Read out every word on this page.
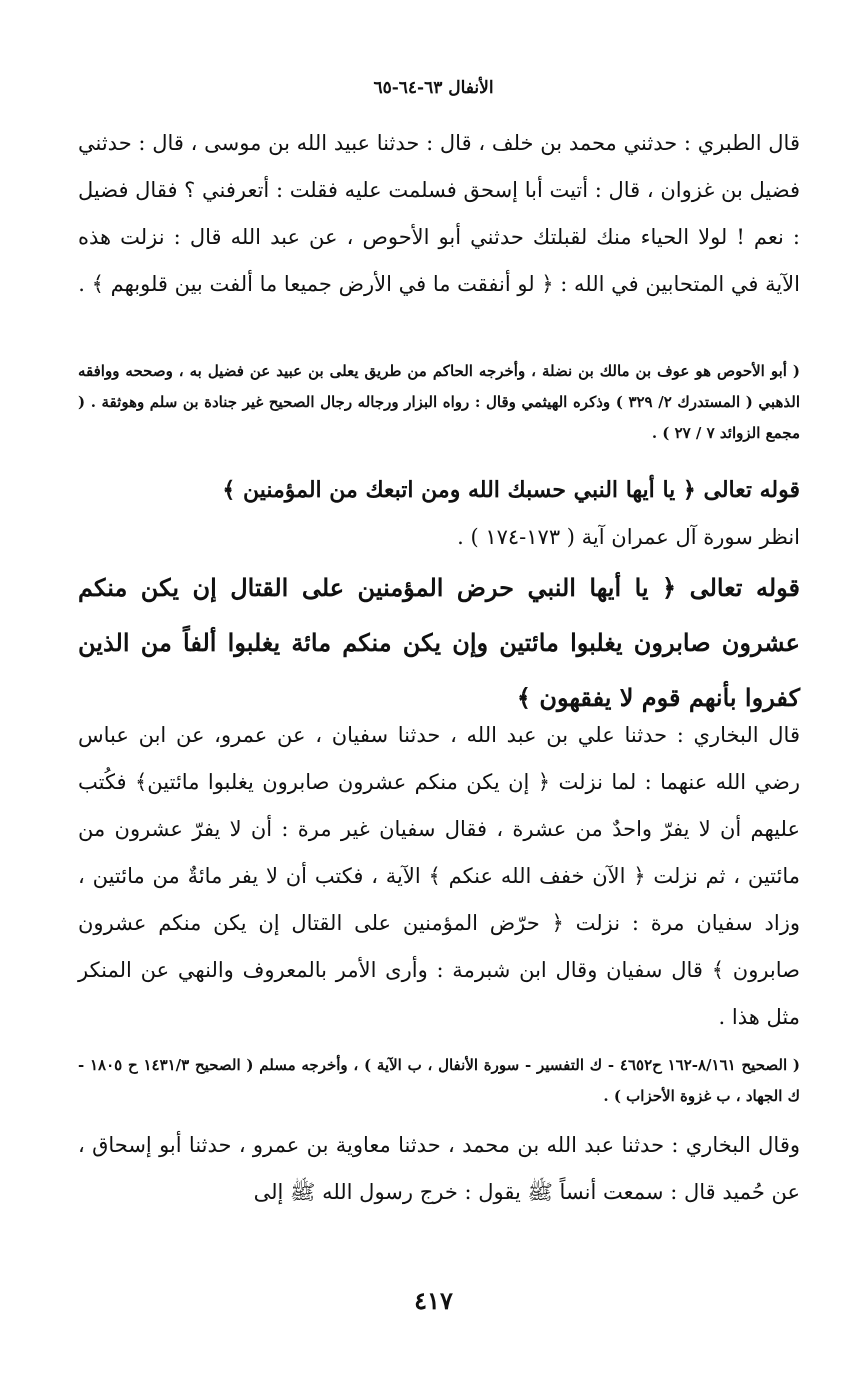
الأنفال ٦٣-٦٤-٦٥

قال الطبري : حدثني محمد بن خلف ، قال : حدثنا عبيد الله بن موسى ، قال : حدثني فضيل بن غزوان ، قال : أتيت أبا إسحق فسلمت عليه فقلت : أتعرفني ؟ فقال فضيل : نعم ! لولا الحياء منك لقبلتك حدثني أبو الأحوص ، عن عبد الله قال : نزلت هذه الآية في المتحابين في الله : ﴿ لو أنفقت ما في الأرض جميعا ما ألفت بين قلوبهم ﴾ .

( أبو الأحوص هو عوف بن مالك بن نضلة ، وأخرجه الحاكم من طريق يعلى بن عبيد عن فضيل به ، وصححه ووافقه الذهبي ( المستدرك ٢/ ٣٢٩ ) وذكره الهيثمي وقال : رواه البزار ورجاله رجال الصحيح غير جنادة بن سلم وهوثقة . ( مجمع الزوائد ٧ / ٢٧ ) .

قوله تعالى ﴿ يا أيها النبي حسبك الله ومن اتبعك من المؤمنين ﴾

انظر سورة آل عمران آية ( ١٧٣-١٧٤ ) .

قوله تعالى ﴿ يا أيها النبي حرض المؤمنين على القتال إن يكن منكم عشرون صابرون يغلبوا مائتين وإن يكن منكم مائة يغلبوا ألفاً من الذين كفروا بأنهم قوم لا يفقهون ﴾

قال البخاري : حدثنا علي بن عبد الله ، حدثنا سفيان ، عن عمرو، عن ابن عباس رضي الله عنهما : لما نزلت ﴿ إن يكن منكم عشرون صابرون يغلبوا مائتين﴾ فكُتب عليهم أن لا يفرّ واحدٌ من عشرة ، فقال سفيان غير مرة : أن لا يفرّ عشرون من مائتين ، ثم نزلت ﴿ الآن خفف الله عنكم ﴾ الآية ، فكتب أن لا يفر مائةٌ من مائتين ، وزاد سفيان مرة : نزلت ﴿ حرّض المؤمنين على القتال إن يكن منكم عشرون صابرون ﴾ قال سفيان وقال ابن شبرمة : وأرى الأمر بالمعروف والنهي عن المنكر مثل هذا .

( الصحيح ٨/١٦١-١٦٢ ح٤٦٥٢ - ك التفسير - سورة الأنفال ، ب الآية ) ، وأخرجه مسلم ( الصحيح ١٤٣١/٣ ح ١٨٠٥ - ك الجهاد ، ب غزوة الأحزاب ) .

وقال البخاري : حدثنا عبد الله بن محمد ، حدثنا معاوية بن عمرو ، حدثنا أبو إسحاق ، عن حُميد قال : سمعت أنساً ﷺ يقول : خرج رسول الله ﷺ إلى

٤١٧
